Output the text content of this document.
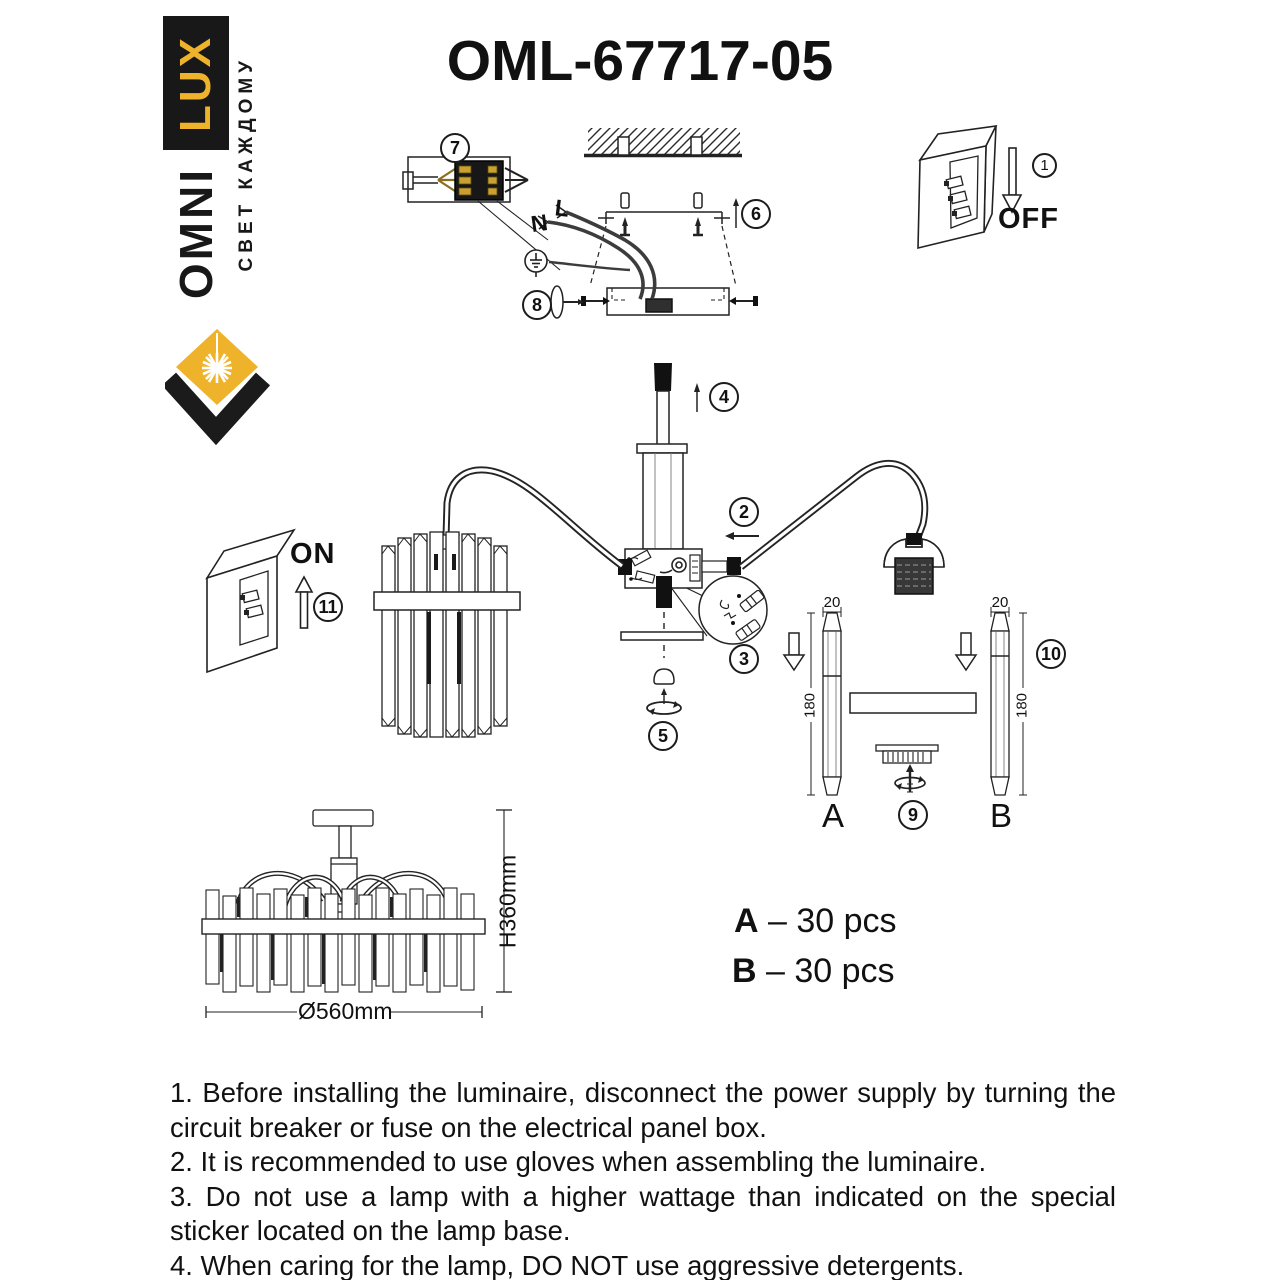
LUX
OMNI СВЕТ КАЖДОМУ	OML-67717-05
1
2
3
4
5
6
7
8
9
10
11
OFF
ON
N
L
20	20
180	180
A	B
H360mm
Ø560mm
A – 30 pcs
B – 30 pcs

1. Before installing the luminaire, disconnect the power supply by turning the circuit breaker or fuse on the electrical panel box.

2. It is recommended to use gloves when assembling the luminaire.

3. Do not use a lamp with a higher wattage than indicated on the special sticker located on the lamp base.

4. When caring for the lamp, DO NOT use aggressive detergents.
